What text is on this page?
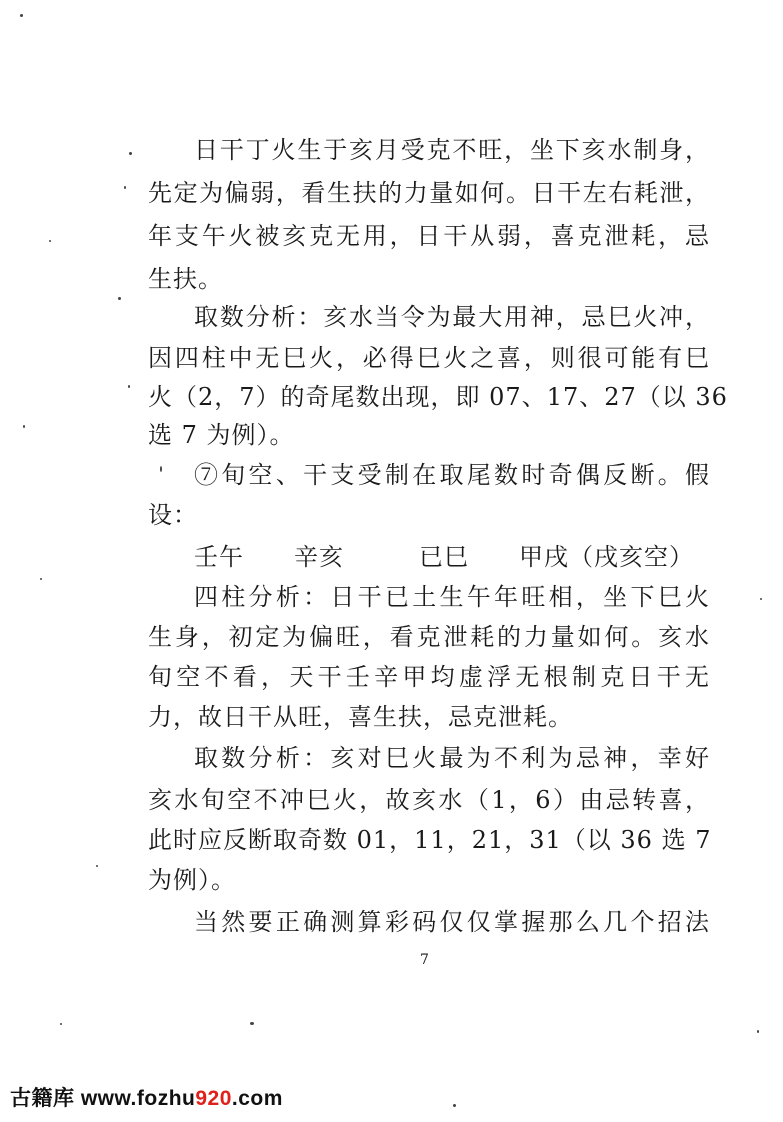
日干丁火生于亥月受克不旺，坐下亥水制身，
先定为偏弱，看生扶的力量如何。日干左右耗泄，
年支午火被亥克无用，日干从弱，喜克泄耗，忌
生扶。
取数分析：亥水当令为最大用神，忌巳火冲，
因四柱中无巳火，必得巳火之喜，则很可能有巳
火（2，7）的奇尾数出现，即 07、17、27（以 36
选 7 为例）。
⑦旬空、干支受制在取尾数时奇偶反断。假
设：
壬午　　辛亥　　　已巳　　甲戌（戌亥空）
四柱分析：日干已土生午年旺相，坐下巳火
生身，初定为偏旺，看克泄耗的力量如何。亥水
旬空不看，天干壬辛甲均虚浮无根制克日干无
力，故日干从旺，喜生扶，忌克泄耗。
取数分析：亥对巳火最为不利为忌神，幸好
亥水旬空不冲巳火，故亥水（1，6）由忌转喜，
此时应反断取奇数 01，11，21，31（以 36 选 7
为例）。
当然要正确测算彩码仅仅掌握那么几个招法
7
古籍库 www.fozhu920.com
